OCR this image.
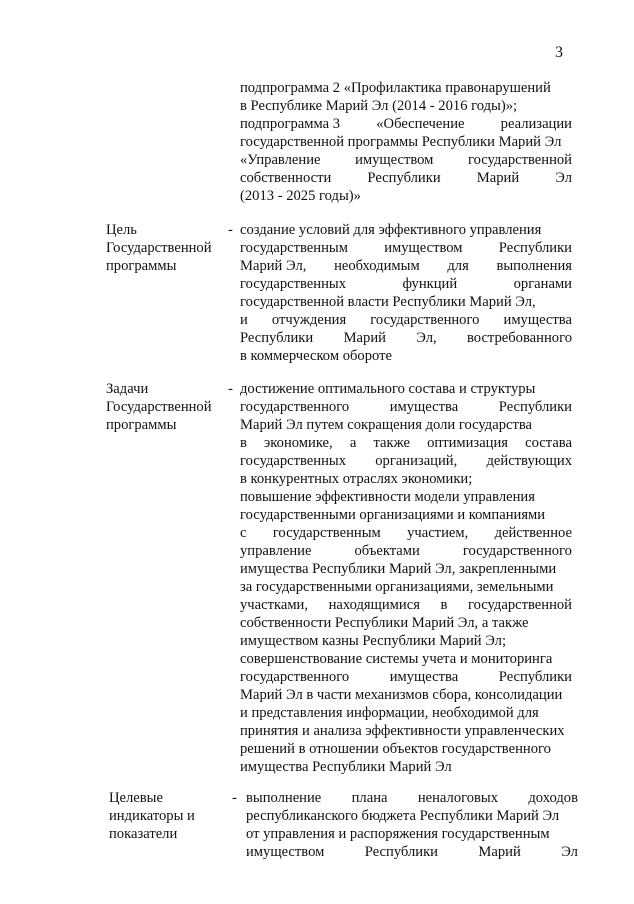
3
подпрограмма 2 «Профилактика правонарушений
в Республике Марий Эл (2014 - 2016 годы)»;
подпрограмма 3 «Обеспечение реализации
государственной программы Республики Марий Эл
«Управление имуществом государственной
собственности Республики Марий Эл
(2013 - 2025 годы)»
Цель
Государственной
программы
- создание условий для эффективного управления
государственным имуществом Республики
Марий Эл, необходимым для выполнения
государственных	функций	органами
государственной власти Республики Марий Эл,
и отчуждения государственного имущества
Республики Марий Эл, востребованного
в коммерческом обороте
Задачи
Государственной
программы
- достижение оптимального состава и структуры
государственного	имущества	Республики
Марий Эл путем сокращения доли государства
в экономике, а также оптимизация состава
государственных организаций, действующих
в конкурентных отраслях экономики;
повышение эффективности модели управления
государственными организациями и компаниями
с государственным участием, действенное
управление	объектами	государственного
имущества Республики Марий Эл, закрепленными
за государственными организациями, земельными
участками, находящимися в государственной
собственности Республики Марий Эл, а также
имуществом казны Республики Марий Эл;
совершенствование системы учета и мониторинга
государственного	имущества	Республики
Марий Эл в части механизмов сбора, консолидации
и представления информации, необходимой для
принятия и анализа эффективности управленческих
решений в отношении объектов государственного
имущества Республики Марий Эл
Целевые
индикаторы и
показатели
- выполнение плана неналоговых доходов
республиканского бюджета Республики Марий Эл
от управления и распоряжения государственным
имуществом	Республики	Марий	Эл
